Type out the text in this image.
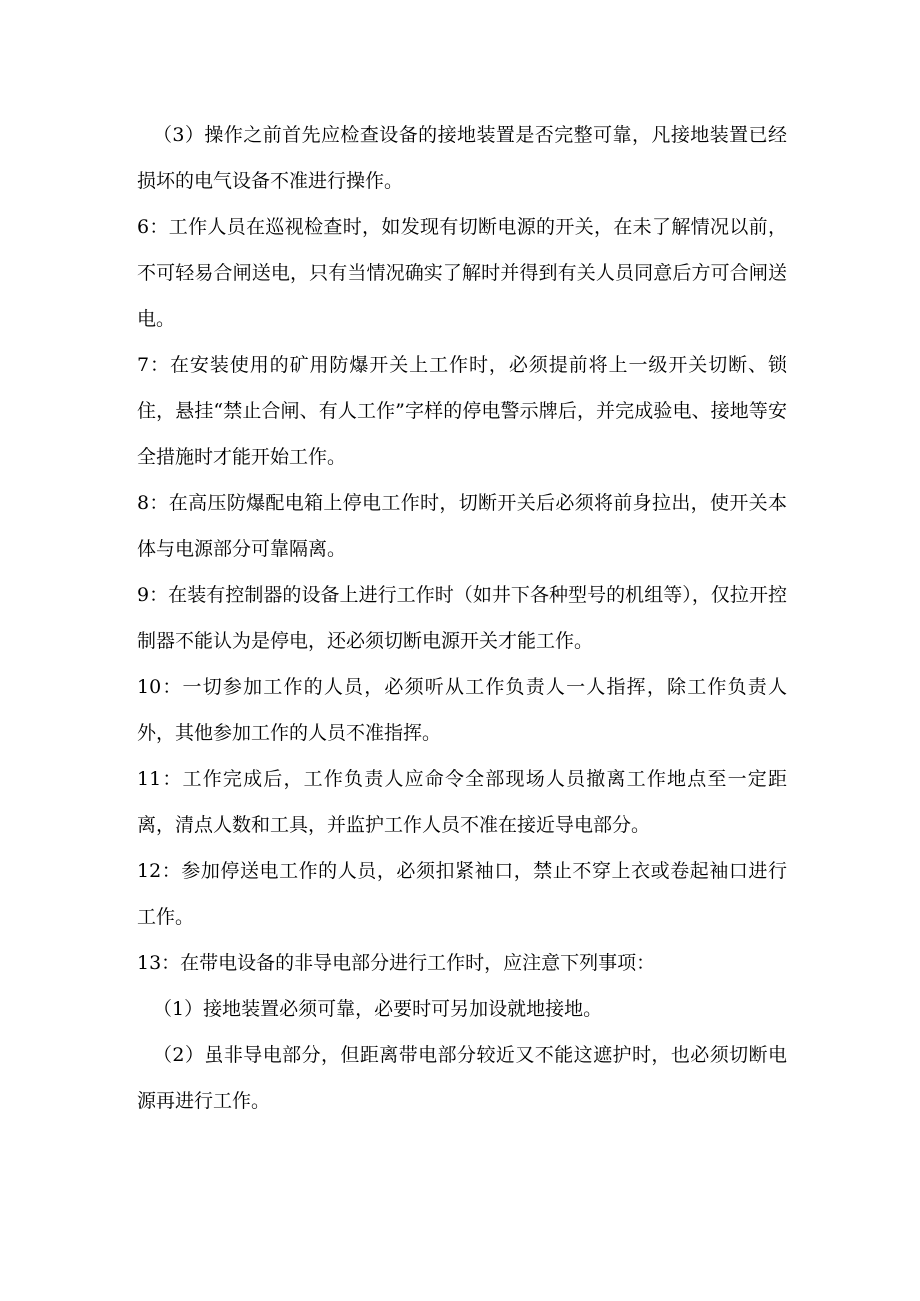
（3）操作之前首先应检查设备的接地装置是否完整可靠，凡接地装置已经损坏的电气设备不准进行操作。

6：工作人员在巡视检查时，如发现有切断电源的开关，在未了解情况以前，不可轻易合闸送电，只有当情况确实了解时并得到有关人员同意后方可合闸送电。

7：在安装使用的矿用防爆开关上工作时，必须提前将上一级开关切断、锁住，悬挂“禁止合闸、有人工作”字样的停电警示牌后，并完成验电、接地等安全措施时才能开始工作。

8：在高压防爆配电箱上停电工作时，切断开关后必须将前身拉出，使开关本体与电源部分可靠隔离。

9：在装有控制器的设备上进行工作时（如井下各种型号的机组等），仅拉开控制器不能认为是停电，还必须切断电源开关才能工作。

10：一切参加工作的人员，必须听从工作负责人一人指挥，除工作负责人外，其他参加工作的人员不准指挥。

11：工作完成后，工作负责人应命令全部现场人员撤离工作地点至一定距离，清点人数和工具，并监护工作人员不准在接近导电部分。

12：参加停送电工作的人员，必须扣紧袖口，禁止不穿上衣或卷起袖口进行工作。

13：在带电设备的非导电部分进行工作时，应注意下列事项：

（1）接地装置必须可靠，必要时可另加设就地接地。

（2）虽非导电部分，但距离带电部分较近又不能这遮护时，也必须切断电源再进行工作。
